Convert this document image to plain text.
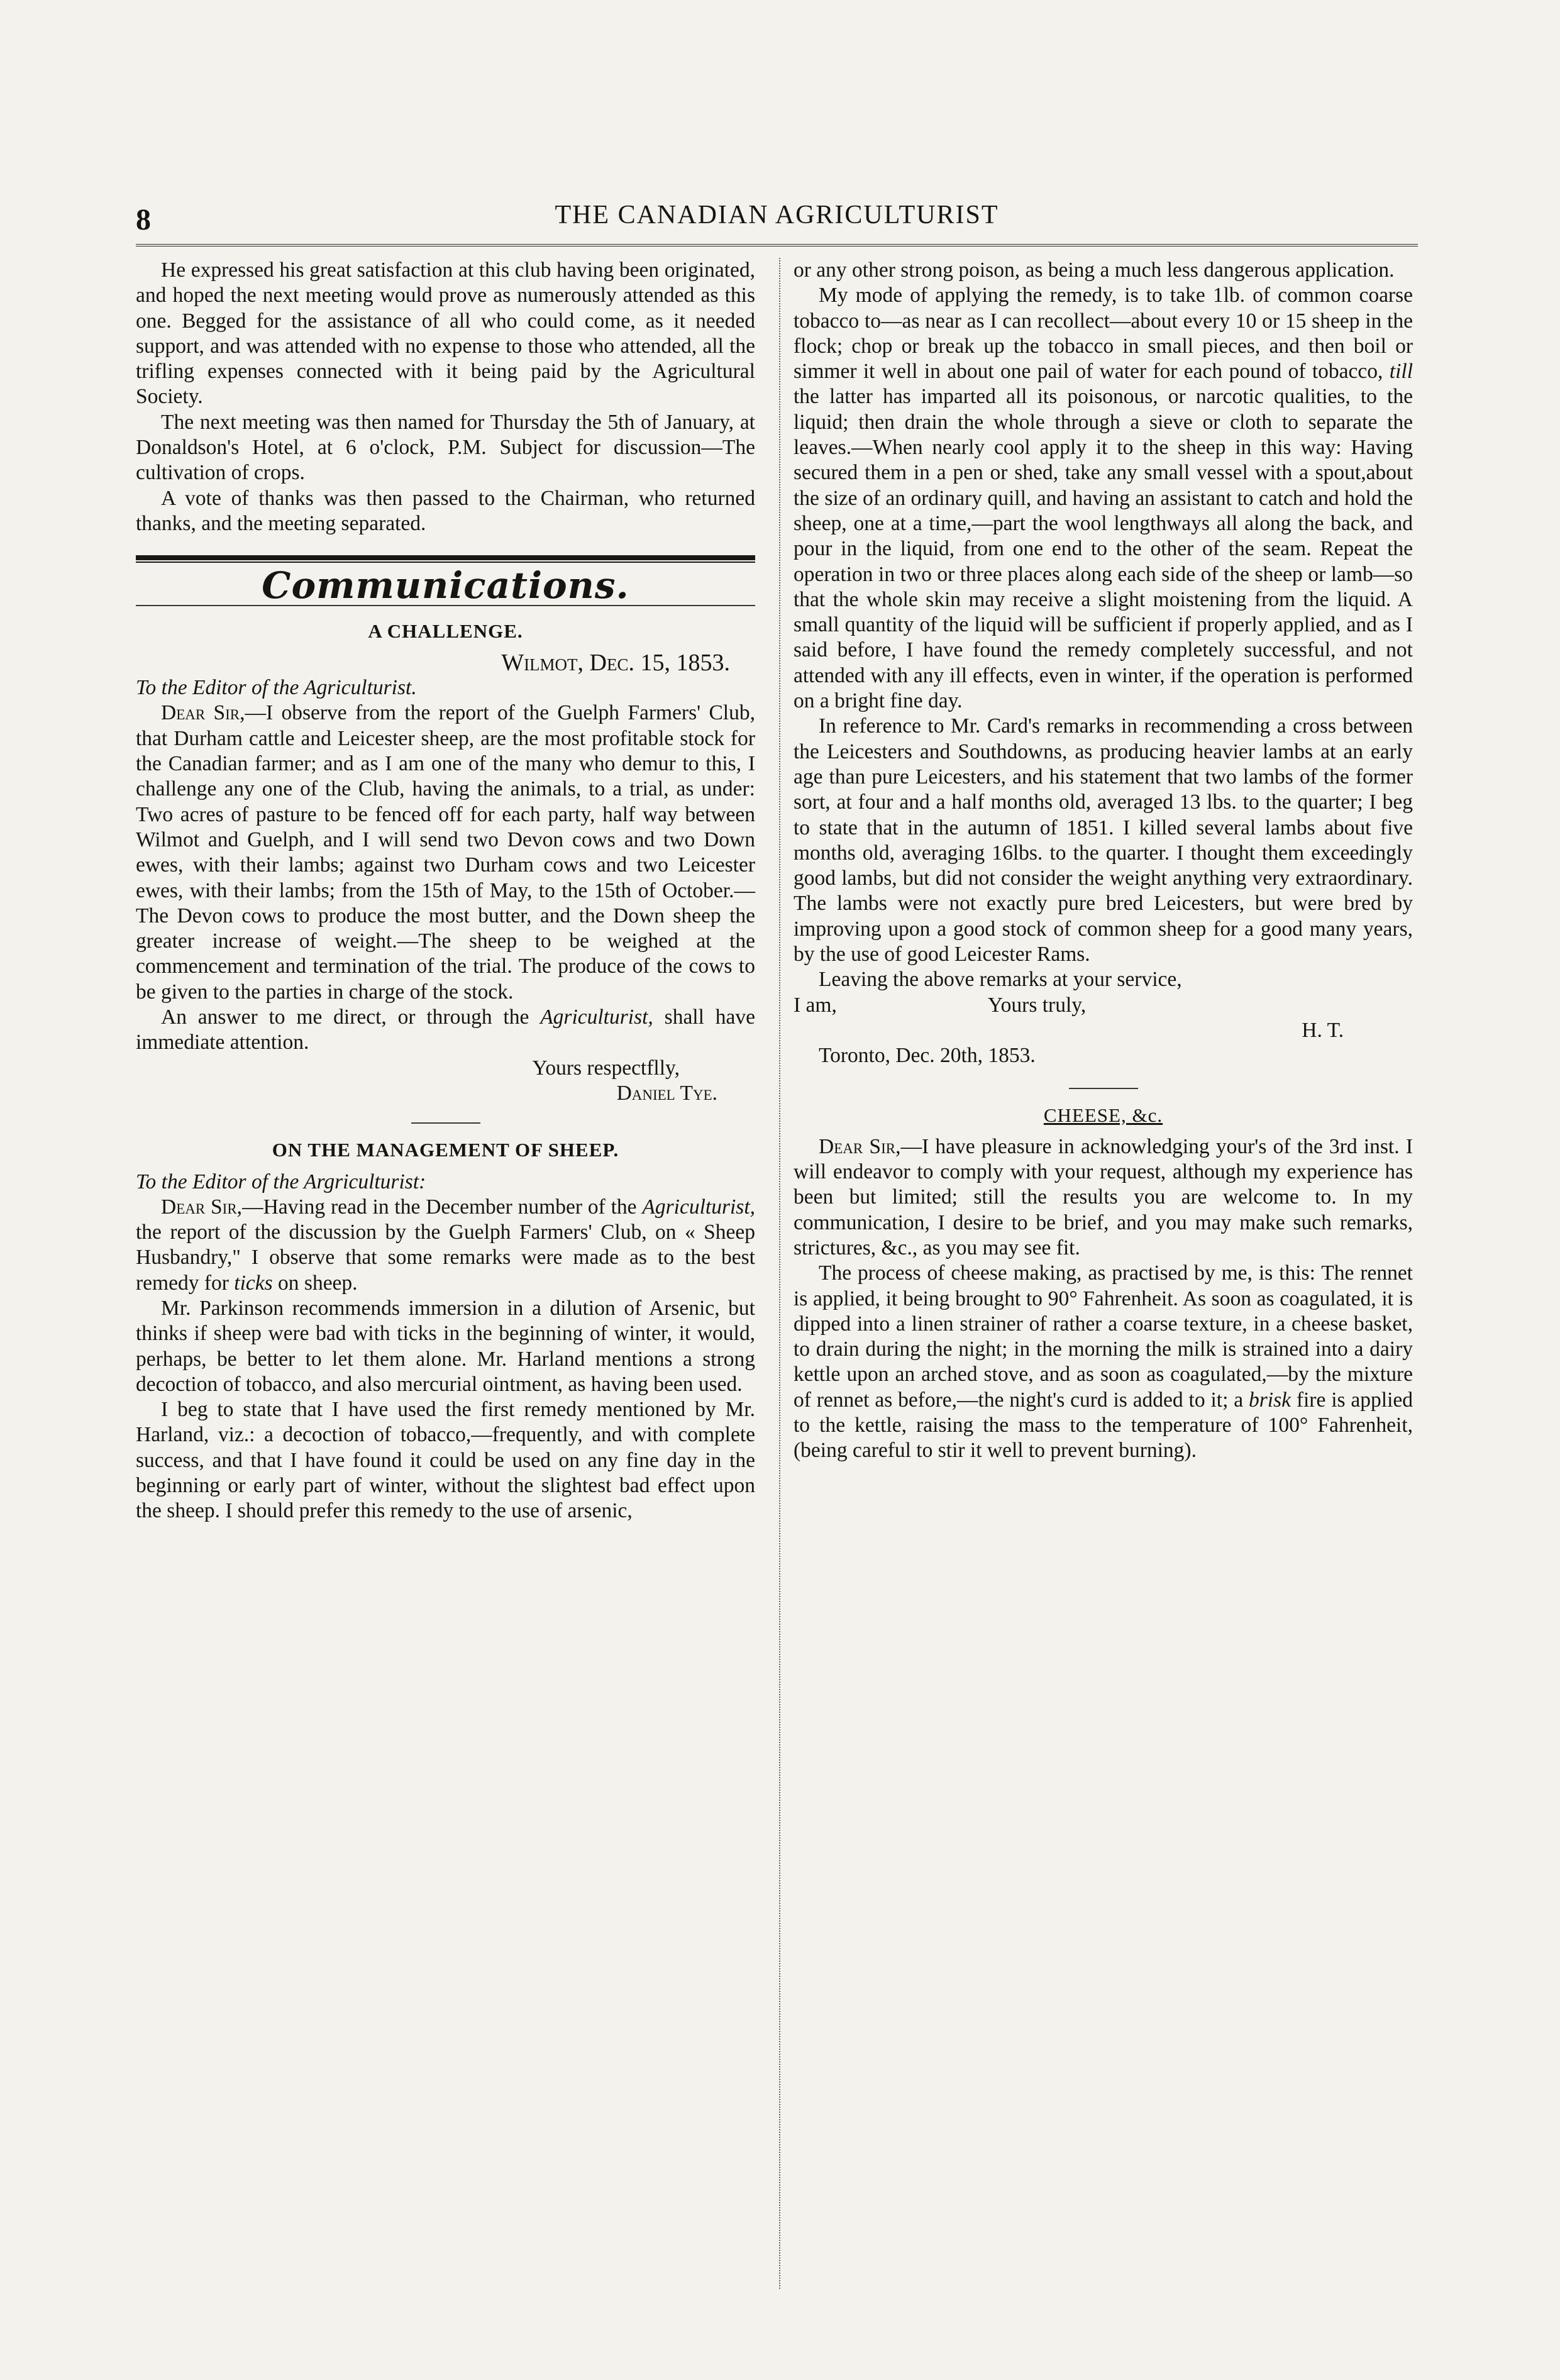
8	THE CANADIAN AGRICULTURIST

He expressed his great satisfaction at this club having been originated, and hoped the next meeting would prove as numerously attended as this one. Begged for the assistance of all who could come, as it needed support, and was attended with no expense to those who attended, all the trifling expenses connected with it being paid by the Agricultural Society.

The next meeting was then named for Thursday the 5th of January, at Donaldson's Hotel, at 6 o'clock, P.M. Subject for discussion—The cultivation of crops.

A vote of thanks was then passed to the Chairman, who returned thanks, and the meeting separated.

Communications.
A CHALLENGE.
Wilmot, Dec. 15, 1853.

To the Editor of the Agriculturist.

Dear Sir,—I observe from the report of the Guelph Farmers' Club, that Durham cattle and Leicester sheep, are the most profitable stock for the Canadian farmer; and as I am one of the many who demur to this, I challenge any one of the Club, having the animals, to a trial, as under: Two acres of pasture to be fenced off for each party, half way between Wilmot and Guelph, and I will send two Devon cows and two Down ewes, with their lambs; against two Durham cows and two Leicester ewes, with their lambs; from the 15th of May, to the 15th of October.—The Devon cows to produce the most butter, and the Down sheep the greater increase of weight.—The sheep to be weighed at the commencement and termination of the trial. The produce of the cows to be given to the parties in charge of the stock.

An answer to me direct, or through the Agriculturist, shall have immediate attention.

Yours respectflly,

Daniel Tye.

ON THE MANAGEMENT OF SHEEP.

To the Editor of the Argriculturist:

Dear Sir,—Having read in the December number of the Agriculturist, the report of the discussion by the Guelph Farmers' Club, on « Sheep Husbandry," I observe that some remarks were made as to the best remedy for ticks on sheep.

Mr. Parkinson recommends immersion in a dilution of Arsenic, but thinks if sheep were bad with ticks in the beginning of winter, it would, perhaps, be better to let them alone. Mr. Harland mentions a strong decoction of tobacco, and also mercurial ointment, as having been used.

I beg to state that I have used the first remedy mentioned by Mr. Harland, viz.: a decoction of tobacco,—frequently, and with complete success, and that I have found it could be used on any fine day in the beginning or early part of winter, without the slightest bad effect upon the sheep. I should prefer this remedy to the use of arsenic,

or any other strong poison, as being a much less dangerous application.

My mode of applying the remedy, is to take 1lb. of common coarse tobacco to—as near as I can recollect—about every 10 or 15 sheep in the flock; chop or break up the tobacco in small pieces, and then boil or simmer it well in about one pail of water for each pound of tobacco, till the latter has imparted all its poisonous, or narcotic qualities, to the liquid; then drain the whole through a sieve or cloth to separate the leaves.—When nearly cool apply it to the sheep in this way: Having secured them in a pen or shed, take any small vessel with a spout,about the size of an ordinary quill, and having an assistant to catch and hold the sheep, one at a time,—part the wool lengthways all along the back, and pour in the liquid, from one end to the other of the seam. Repeat the operation in two or three places along each side of the sheep or lamb—so that the whole skin may receive a slight moistening from the liquid. A small quantity of the liquid will be sufficient if properly applied, and as I said before, I have found the remedy completely successful, and not attended with any ill effects, even in winter, if the operation is performed on a bright fine day.

In reference to Mr. Card's remarks in recommending a cross between the Leicesters and Southdowns, as producing heavier lambs at an early age than pure Leicesters, and his statement that two lambs of the former sort, at four and a half months old, averaged 13 lbs. to the quarter; I beg to state that in the autumn of 1851. I killed several lambs about five months old, averaging 16lbs. to the quarter. I thought them exceedingly good lambs, but did not consider the weight anything very extraordinary. The lambs were not exactly pure bred Leicesters, but were bred by improving upon a good stock of common sheep for a good many years, by the use of good Leicester Rams.

Leaving the above remarks at your service,

I am,	Yours truly,

H. T.

Toronto, Dec. 20th, 1853.

CHEESE, &c.

Dear Sir,—I have pleasure in acknowledging your's of the 3rd inst. I will endeavor to comply with your request, although my experience has been but limited; still the results you are welcome to. In my communication, I desire to be brief, and you may make such remarks, strictures, &c., as you may see fit.

The process of cheese making, as practised by me, is this: The rennet is applied, it being brought to 90° Fahrenheit. As soon as coagulated, it is dipped into a linen strainer of rather a coarse texture, in a cheese basket, to drain during the night; in the morning the milk is strained into a dairy kettle upon an arched stove, and as soon as coagulated,—by the mixture of rennet as before,—the night's curd is added to it; a brisk fire is applied to the kettle, raising the mass to the temperature of 100° Fahrenheit, (being careful to stir it well to prevent burning).
